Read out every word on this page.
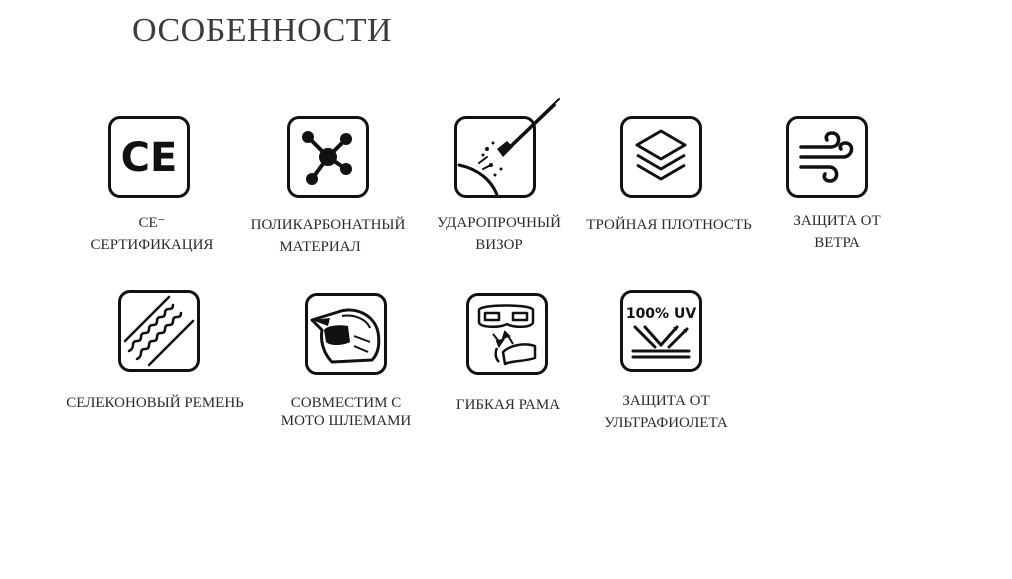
ОСОБЕННОСТИ
CE
CE⁻
СЕРТИФИКАЦИЯ
ПОЛИКАРБОНАТНЫЙ
МАТЕРИАЛ
УДАРОПРОЧНЫЙ
ВИЗОР
ТРОЙНАЯ ПЛОТНОСТЬ	ЗАЩИТА ОТ
ВЕТРА
СЕЛЕКОНОВЫЙ РЕМЕНЬ	СОВМЕСТИМ С
МОТО ШЛЕМАМИ
ГИБКАЯ РАМА
100% UV
ЗАЩИТА ОТ
УЛЬТРАФИОЛЕТА
